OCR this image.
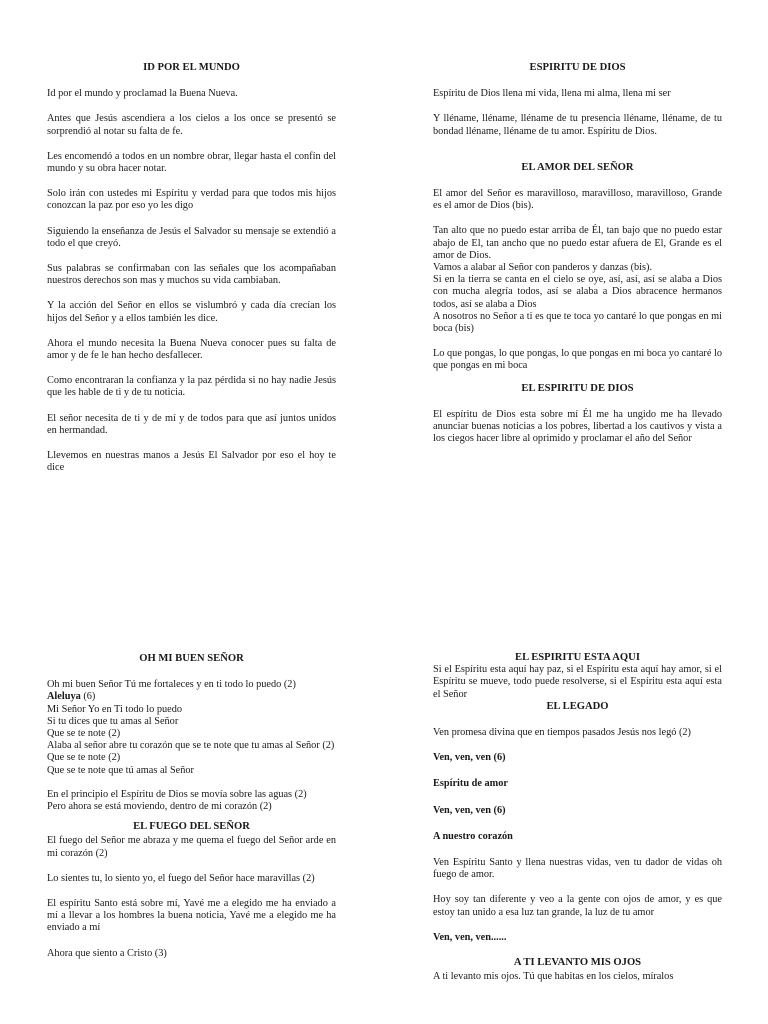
ID POR EL MUNDO

Id por el mundo y proclamad la Buena Nueva.

Antes que Jesús ascendiera a los cielos a los once se presentó se sorprendió al notar su falta de fe.

Les encomendó a todos en un nombre obrar, llegar hasta el confín del mundo y su obra hacer notar.

Solo irán con ustedes mi Espíritu y verdad para que todos mis hijos conozcan la paz por eso yo les digo

Siguiendo la enseñanza de Jesús el Salvador su mensaje se extendió a todo el que creyó.

Sus palabras se confirmaban con las señales que los acompañaban nuestros derechos son mas y muchos su vida cambiaban.

Y la acción del Señor en ellos se vislumbró y cada día crecían los hijos del Señor y a ellos también les dice.

Ahora el mundo necesita la Buena Nueva conocer pues su falta de amor y de fe le han hecho desfallecer.

Como encontraran la confianza y la paz pérdida si no hay nadie Jesús que les hable de ti y de tu noticia.

El señor necesita de ti y de mí y de todos para que así juntos unidos en hermandad.

Llevemos en nuestras manos a Jesús El Salvador por eso el hoy te dice

ESPIRITU DE DIOS

Espíritu de Dios llena mi vida, llena mi alma, llena mi ser

Y lléname, lléname, lléname de tu presencia lléname, lléname, de tu bondad lléname, lléname de tu amor. Espíritu de Dios.

EL AMOR DEL SEÑOR

El amor del Señor es maravilloso, maravilloso, maravilloso, Grande es el amor de Dios (bis).

Tan alto que no puedo estar arriba de Él, tan bajo que no puedo estar abajo de El, tan ancho que no puedo estar afuera de El, Grande es el amor de Dios.

Vamos a alabar al Señor con panderos y danzas (bis).

Si en la tierra se canta en el cielo se oye, así, así, así se alaba a Dios con mucha alegría todos, así se alaba a Dios abracence hermanos todos, así se alaba a Dios

A nosotros no Señor a ti es que te toca yo cantaré lo que pongas en mi boca (bis)

Lo que pongas, lo que pongas, lo que pongas en mi boca yo cantaré lo que pongas en mi boca

EL ESPIRITU DE DIOS

El espíritu de Dios esta sobre mí Él me ha ungido me ha llevado anunciar buenas noticias a los pobres, libertad a los cautivos y vista a los ciegos hacer libre al oprimido y proclamar el año del Señor

OH MI BUEN SEÑOR
Oh mi buen Señor Tú me fortaleces y en ti todo lo puedo (2)
Aleluya (6)
Mi Señor Yo en Ti todo lo puedo
Si tu dices que tu amas al Señor
Que se te note (2)
Alaba al señor abre tu corazón que se te note que tu amas al Señor (2)
Que se te note (2)
Que se te note que tú amas al Señor
En el principio el Espíritu de Dios se movía sobre las aguas (2)
Pero ahora se está moviendo, dentro de mi corazón (2)
EL FUEGO DEL SEÑOR

El fuego del Señor me abraza y me quema el fuego del Señor arde en mi corazón (2)

Lo sientes tu, lo siento yo, el fuego del Señor hace maravillas (2)

El espíritu Santo está sobre mí, Yavé me a elegido me ha enviado a mí a llevar a los hombres la buena noticia, Yavé me a elegido me ha enviado a mí

Ahora que siento a Cristo (3)

EL ESPIRITU ESTA AQUI

Si el Espíritu esta aquí hay paz, si el Espíritu esta aquí hay amor, si el Espíritu se mueve, todo puede resolverse, si el Espíritu esta aquí esta el Señor

EL LEGADO

Ven promesa divina que en tiempos pasados Jesús nos legó (2)

Ven, ven, ven (6)

Espíritu de amor

Ven, ven, ven (6)

A nuestro corazón

Ven Espíritu Santo y llena nuestras vidas, ven tu dador de vidas oh fuego de amor.

Hoy soy tan diferente y veo a la gente con ojos de amor, y es que estoy tan unido a esa luz tan grande, la luz de tu amor

Ven, ven, ven......

A TI LEVANTO MIS OJOS

A ti levanto mis ojos. Tú que habitas en los cielos, míralos
